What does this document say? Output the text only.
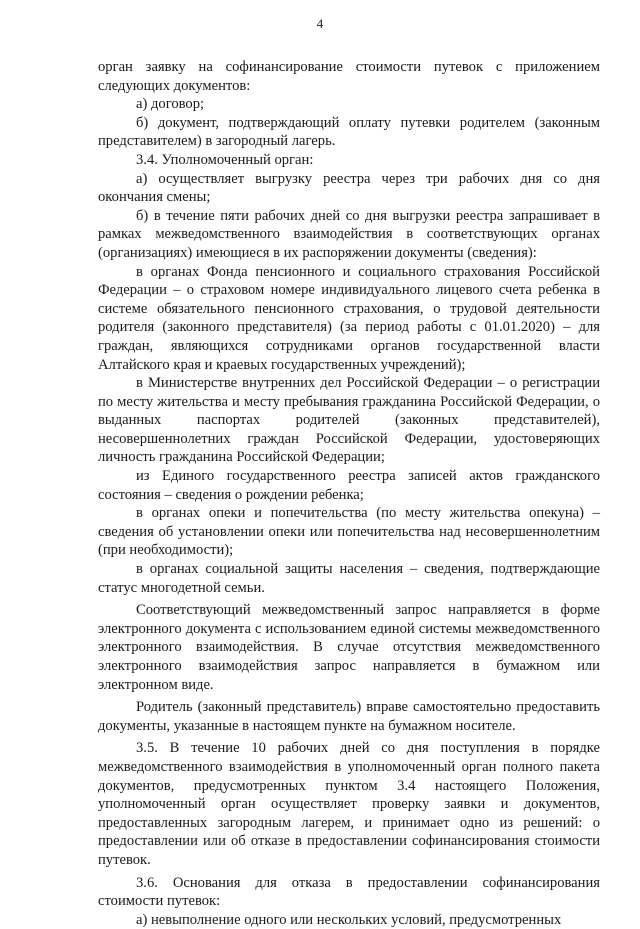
4

орган заявку на софинансирование стоимости путевок с приложением следующих документов:

а) договор;

б) документ, подтверждающий оплату путевки родителем (законным представителем) в загородный лагерь.

3.4. Уполномоченный орган:

а) осуществляет выгрузку реестра через три рабочих дня со дня окончания смены;

б) в течение пяти рабочих дней со дня выгрузки реестра запрашивает в рамках межведомственного взаимодействия в соответствующих органах (организациях) имеющиеся в их распоряжении документы (сведения):

в органах Фонда пенсионного и социального страхования Российской Федерации – о страховом номере индивидуального лицевого счета ребенка в системе обязательного пенсионного страхования, о трудовой деятельности родителя (законного представителя) (за период работы с 01.01.2020) – для граждан, являющихся сотрудниками органов государственной власти Алтайского края и краевых государственных учреждений);

в Министерстве внутренних дел Российской Федерации – о регистрации по месту жительства и месту пребывания гражданина Российской Федерации, о выданных паспортах родителей (законных представителей), несовершеннолетних граждан Российской Федерации, удостоверяющих личность гражданина Российской Федерации;

из Единого государственного реестра записей актов гражданского состояния – сведения о рождении ребенка;

в органах опеки и попечительства (по месту жительства опекуна) – сведения об установлении опеки или попечительства над несовершеннолетним (при необходимости);

в органах социальной защиты населения – сведения, подтверждающие статус многодетной семьи.

Соответствующий межведомственный запрос направляется в форме электронного документа с использованием единой системы межведомственного электронного взаимодействия. В случае отсутствия межведомственного электронного взаимодействия запрос направляется в бумажном или электронном виде.

Родитель (законный представитель) вправе самостоятельно предоставить документы, указанные в настоящем пункте на бумажном носителе.

3.5. В течение 10 рабочих дней со дня поступления в порядке межведомственного взаимодействия в уполномоченный орган полного пакета документов, предусмотренных пунктом 3.4 настоящего Положения, уполномоченный орган осуществляет проверку заявки и документов, предоставленных загородным лагерем, и принимает одно из решений: о предоставлении или об отказе в предоставлении софинансирования стоимости путевок.

3.6. Основания для отказа в предоставлении софинансирования стоимости путевок:

а) невыполнение одного или нескольких условий, предусмотренных
